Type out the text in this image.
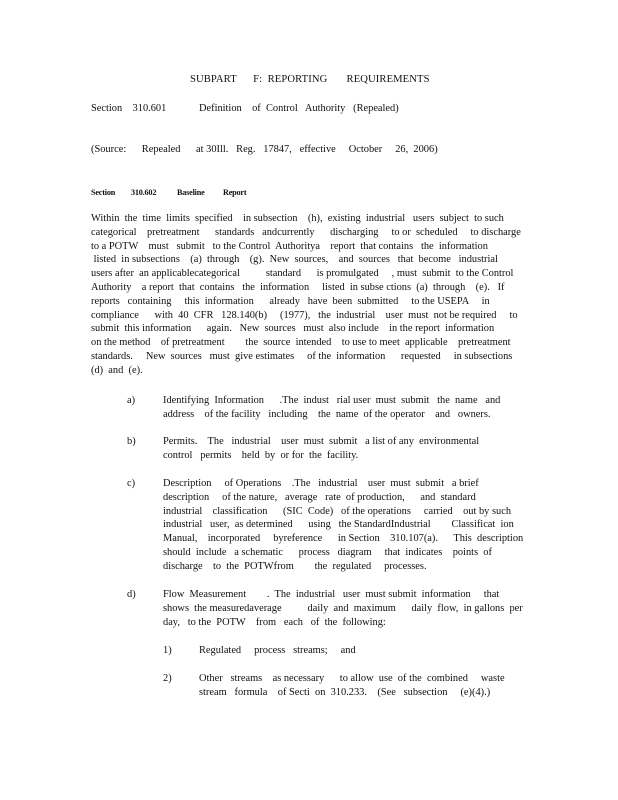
SUBPART      F:  REPORTING       REQUIREMENTS
Section    310.601	Definition    of  Control   Authority   (Repealed)
(Source:      Repealed      at 30Ill.   Reg.   17847,   effective     October     26,  2006)
Section 310.602	Baseline Report
Within  the  time  limits  specified    in subsection    (h),  existing  industrial   users  subject  to such
categorical    pretreatment      standards   andcurrently      discharging     to or  scheduled     to discharge
to a POTW    must   submit   to the Control  Authoritya    report  that contains   the  information
listed  in subsections    (a)  through    (g).  New  sources,    and  sources   that  become   industrial
users after  an applicablecategorical          standard      is promulgated     , must  submit  to the Control
Authority    a report  that  contains   the  information     listed  in subse ctions  (a)  through    (e).   If
reports   containing     this  information      already   have  been  submitted     to the USEPA     in
compliance      with  40  CFR   128.140(b)     (1977),   the  industrial    user  must  not be required     to
submit  this information      again.   New  sources   must  also include    in the report  information
on the method    of pretreatment        the  source  intended    to use to meet  applicable    pretreatment
standards.     New  sources   must  give estimates     of the  information      requested     in subsections
(d)  and  (e).
a)	Identifying  Information      .The  indust   rial user  must  submit   the  name   and
address    of the facility   including    the  name  of the operator    and   owners.
b)	Permits.    The   industrial    user  must  submit   a list of any  environmental
control   permits    held  by  or for  the  facility.
c)	Description     of Operations    .The   industrial    user  must  submit   a brief
description     of the nature,   average   rate  of production,      and  standard
industrial    classification      (SIC  Code)   of the operations     carried    out by such
industrial   user,  as determined      using   the StandardIndustrial        Classificat  ion
Manual,    incorporated     byreference      in Section    310.107(a).      This  description
should  include   a schematic      process   diagram     that  indicates    points  of
discharge    to  the  POTWfrom        the  regulated     processes.
d)	Flow  Measurement        .  The  industrial   user  must submit  information     that
shows  the measuredaverage          daily  and  maximum      daily  flow,  in gallons  per
day,   to the  POTW    from   each   of  the  following:
1)	Regulated     process   streams;     and
2)	Other   streams    as necessary      to allow  use  of the  combined     waste
stream   formula    of Secti  on  310.233.    (See   subsection     (e)(4).)
